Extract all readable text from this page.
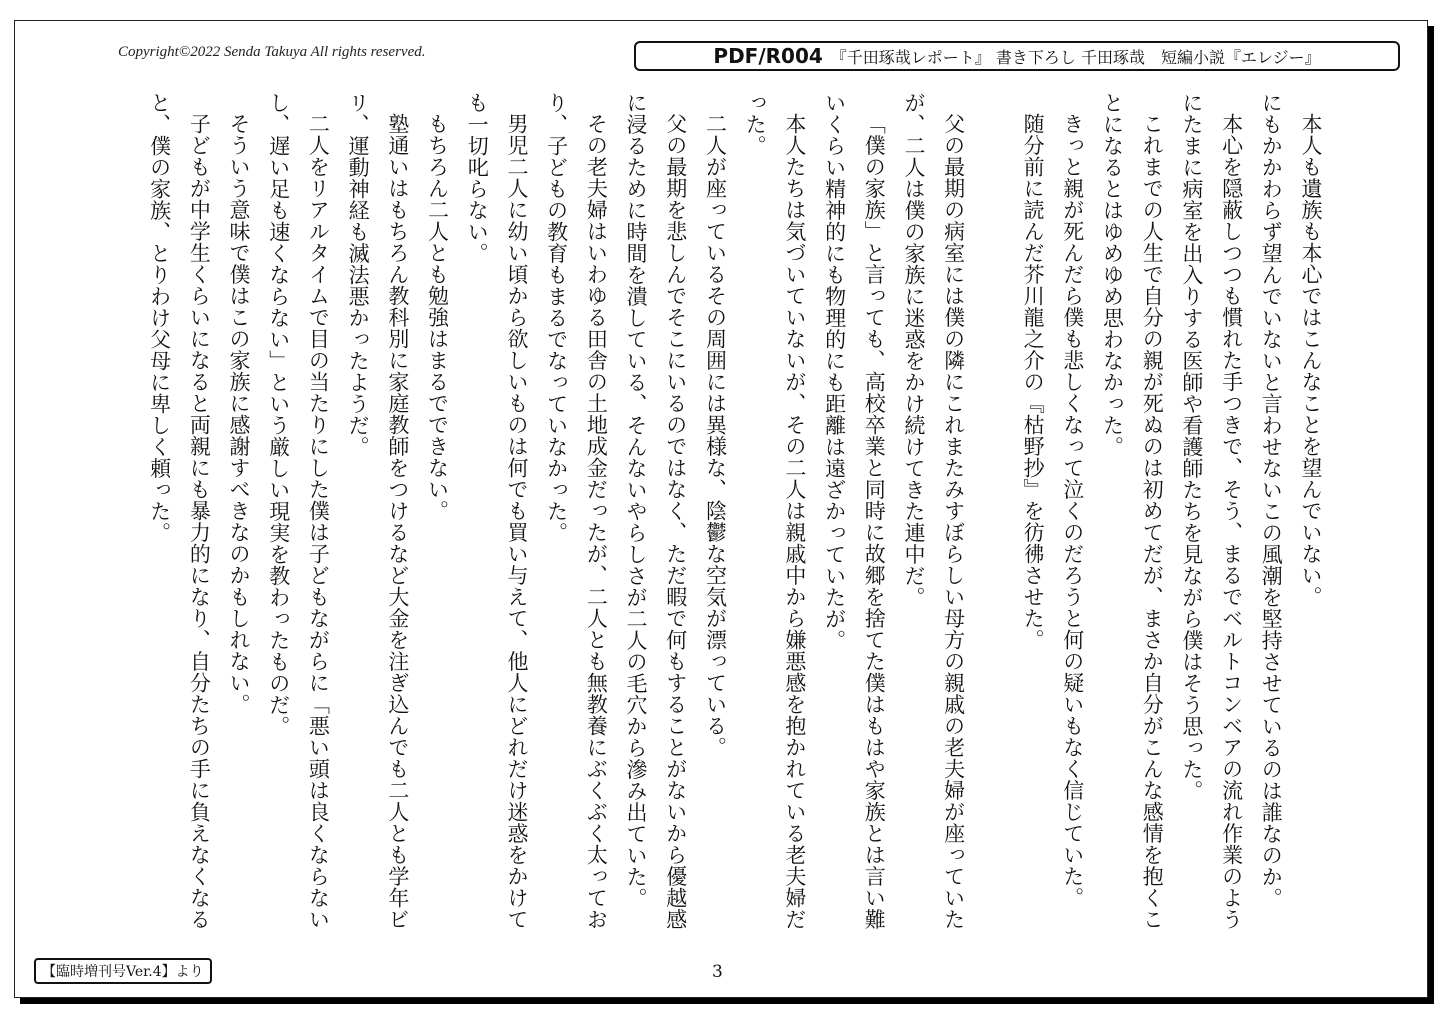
Copyright©2022 Senda Takuya All rights reserved.	PDF/R004 『千田琢哉レポート』 書き下ろし 千田琢哉　短編小説『エレジー』

本人も遺族も本心ではこんなことを望んでいない。

にもかかわらず望んでいないと言わせないこの風潮を堅持させているのは誰なのか。

本心を隠蔽しつつも慣れた手つきで、そう、まるでベルトコンベアの流れ作業のようにたまに病室を出入りする医師や看護師たちを見ながら僕はそう思った。

これまでの人生で自分の親が死ぬのは初めてだが、まさか自分がこんな感情を抱くことになるとはゆめゆめ思わなかった。

きっと親が死んだら僕も悲しくなって泣くのだろうと何の疑いもなく信じていた。

随分前に読んだ芥川龍之介の『枯野抄』を彷彿させた。

父の最期の病室には僕の隣にこれまたみすぼらしい母方の親戚の老夫婦が座っていたが、二人は僕の家族に迷惑をかけ続けてきた連中だ。

「僕の家族」と言っても、高校卒業と同時に故郷を捨てた僕はもはや家族とは言い難いくらい精神的にも物理的にも距離は遠ざかっていたが。

本人たちは気づいていないが、その二人は親戚中から嫌悪感を抱かれている老夫婦だった。

二人が座っているその周囲には異様な、陰鬱な空気が漂っている。

父の最期を悲しんでそこにいるのではなく、ただ暇で何もすることがないから優越感に浸るために時間を潰している、そんないやらしさが二人の毛穴から滲み出ていた。

その老夫婦はいわゆる田舎の土地成金だったが、二人とも無教養にぶくぶく太っており、子どもの教育もまるでなっていなかった。

男児二人に幼い頃から欲しいものは何でも買い与えて、他人にどれだけ迷惑をかけても一切叱らない。

もちろん二人とも勉強はまるでできない。

塾通いはもちろん教科別に家庭教師をつけるなど大金を注ぎ込んでも二人とも学年ビリ、運動神経も滅法悪かったようだ。

二人をリアルタイムで目の当たりにした僕は子どもながらに「悪い頭は良くならないし、遅い足も速くならない」という厳しい現実を教わったものだ。

そういう意味で僕はこの家族に感謝すべきなのかもしれない。

子どもが中学生くらいになると両親にも暴力的になり、自分たちの手に負えなくなると、僕の家族、とりわけ父母に卑しく頼った。

【臨時増刊号Ver.4】より	3
